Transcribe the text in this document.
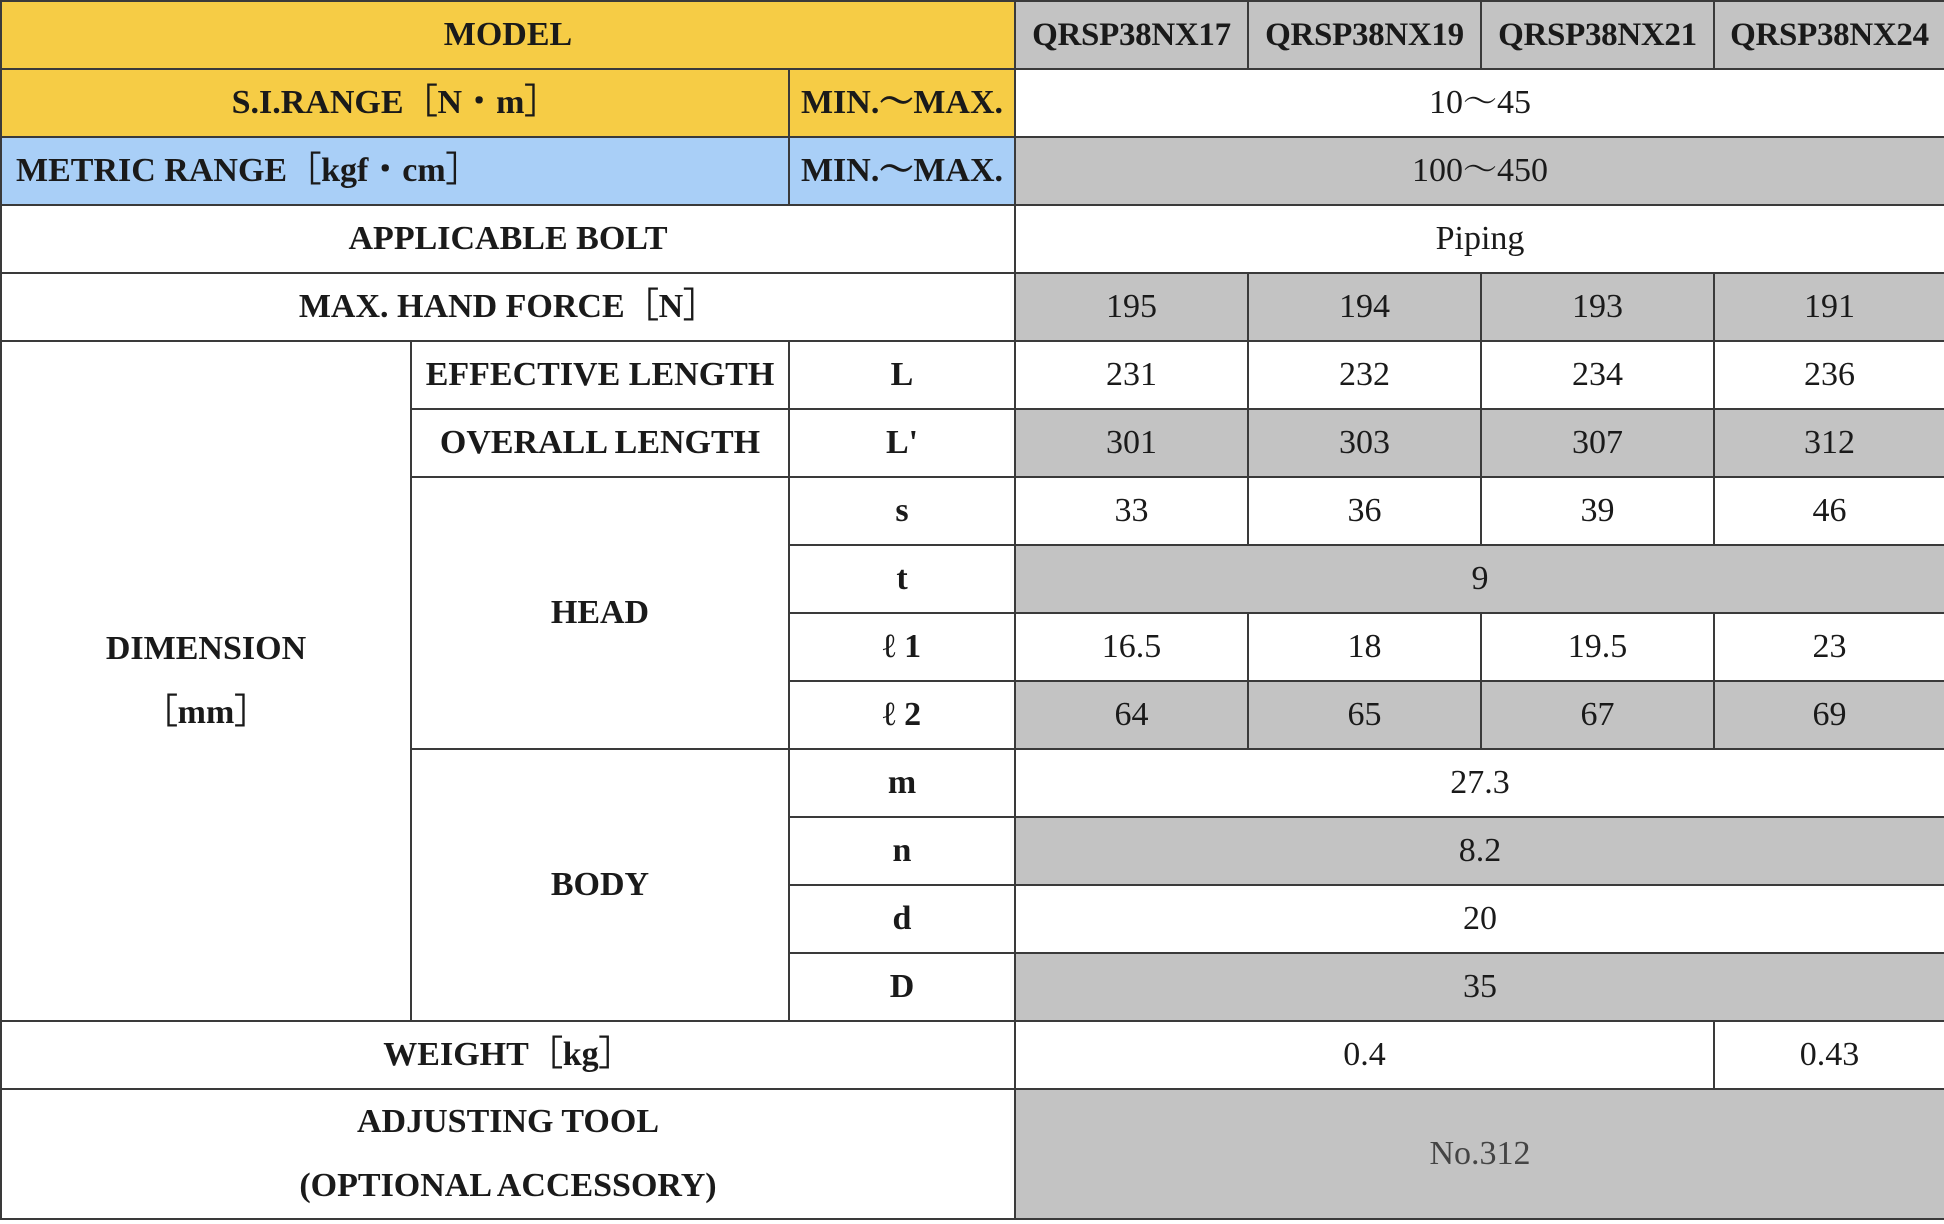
MODEL			QRSP38NX17	QRSP38NX19	QRSP38NX21	QRSP38NX24
S.I.RANGE［N・m］		MIN.～MAX.	10～45			
METRIC RANGE［kgf・cm］		MIN.～MAX.	100～450			
APPLICABLE BOLT			Piping			
MAX. HAND FORCE［N］			195	194	193	191

DIMENSION
［mm］	EFFECTIVE LENGTH	L	231	232	234	236
	OVERALL LENGTH	L'	301	303	307	312
	HEAD	s	33	36	39	46
		t	9			
		ℓ 1	16.5	18	19.5	23
		ℓ 2	64	65	67	69
	BODY	m	27.3			
		n	8.2			
		d	20			
		D	35			
WEIGHT［kg］			0.4			0.43

ADJUSTING TOOL
(OPTIONAL ACCESSORY)			No.312			
